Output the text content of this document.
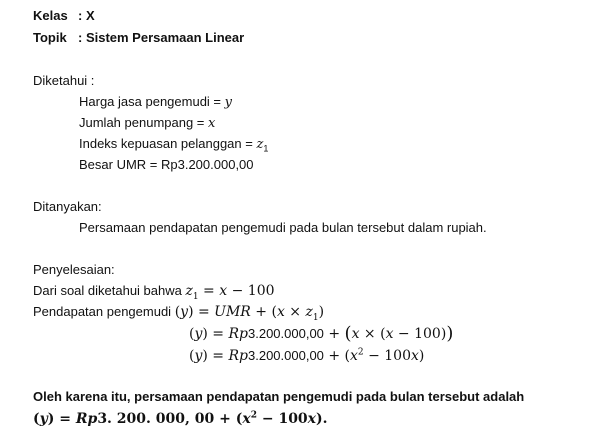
Kelas : X
Topik : Sistem Persamaan Linear
Diketahui :
Harga jasa pengemudi = y
Jumlah penumpang = x
Indeks kepuasan pelanggan = $z_1$
Besar UMR = Rp3.200.000,00
Ditanyakan:
Persamaan pendapatan pengemudi pada bulan tersebut dalam rupiah.
Penyelesaian:
Dari soal diketahui bahwa $z_1 = x - 100$
Pendapatan pengemudi (y) = UMR + $(x \times z_1)$
(y) = Rp3.200.000,00 + (x × (x − 100))
$(y) = Rp3.200.000,00 + (x^2 - 100x)$
Oleh karena itu, persamaan pendapatan pengemudi pada bulan tersebut adalah
(y) = Rp3. 200. 000, $00 + (x^2 - 100x)$.
